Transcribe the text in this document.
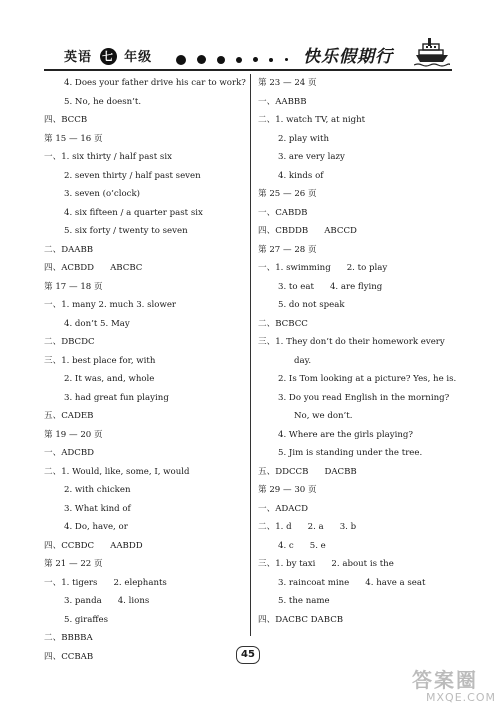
英语 七 年级
	快乐假期行
4. Does your father drive his car to work?
5. No, he doesn’t.
四、BCCB
第 15 — 16 页
一、1. six thirty / half past six
2. seven thirty / half past seven
3. seven (o’clock)
4. six fifteen / a quarter past six
5. six forty / twenty to seven
二、DAABB
四、ACBDD ABCBC
第 17 — 18 页
一、1. many 2. much 3. slower
4. don’t 5. May
二、DBCDC
三、1. best place for, with
2. It was, and, whole
3. had great fun playing
五、CADEB
第 19 — 20 页
一、ADCBD
二、1. Would, like, some, I, would
2. with chicken
3. What kind of
4. Do, have, or
四、CCBDC AABDD
第 21 — 22 页
一、1. tigers 2. elephants
3. panda 4. lions
5. giraffes
二、BBBBA
四、CCBAB
第 23 — 24 页
一、AABBB
二、1. watch TV, at night
2. play with
3. are very lazy
4. kinds of
第 25 — 26 页
一、CABDB
四、CBDDB ABCCD
第 27 — 28 页
一、1. swimming 2. to play
3. to eat 4. are flying
5. do not speak
二、BCBCC
三、1. They don’t do their homework every
day.
2. Is Tom looking at a picture? Yes, he is.
3. Do you read English in the morning?
No, we don’t.
4. Where are the girls playing?
5. Jim is standing under the tree.
五、DDCCB DACBB
第 29 — 30 页
一、ADACD
二、1. d 2. a 3. b
4. c 5. e
三、1. by taxi 2. about is the
3. raincoat mine 4. have a seat
5. the name
四、DACBC DABCB
45
答案圈
MXQE.COM
